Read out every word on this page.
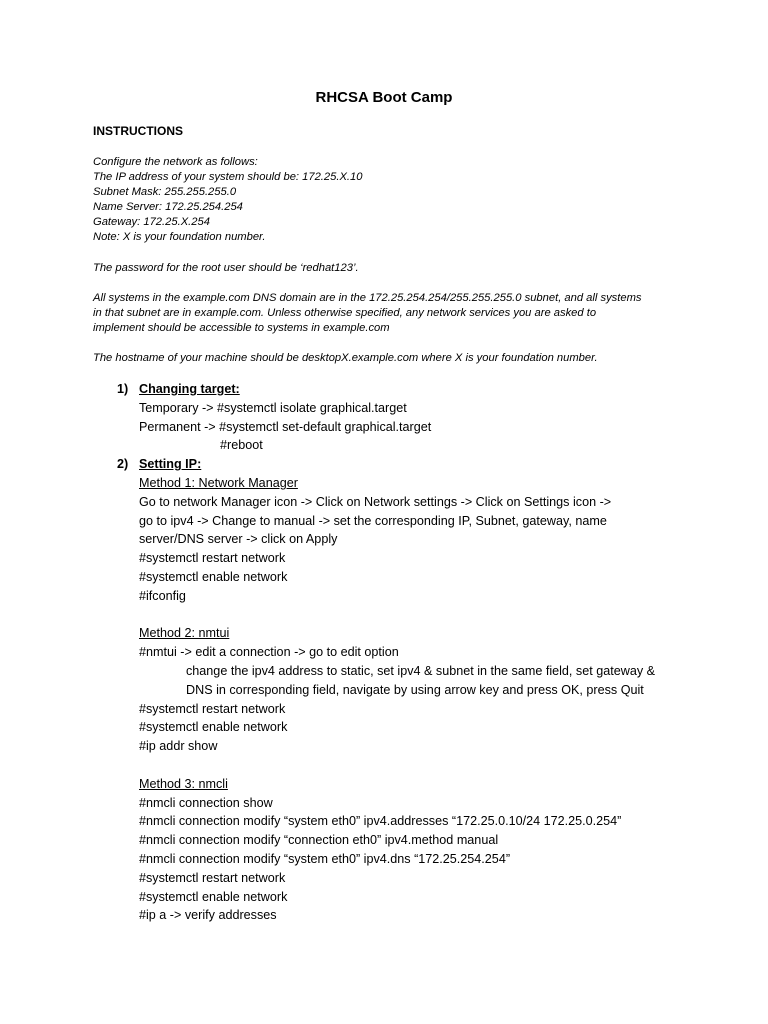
RHCSA Boot Camp
INSTRUCTIONS

Configure the network as follows:

The IP address of your system should be: 172.25.X.10

Subnet Mask: 255.255.255.0

Name Server: 172.25.254.254

Gateway: 172.25.X.254

Note: X is your foundation number.

The password for the root user should be ‘redhat123’.

All systems in the example.com DNS domain are in the 172.25.254.254/255.255.255.0 subnet, and all systems

in that subnet are in example.com. Unless otherwise specified, any network services you are asked to

implement should be accessible to systems in example.com

The hostname of your machine should be desktopX.example.com where X is your foundation number.

1) Changing target:
Temporary -> #systemctl isolate graphical.target
Permanent -> #systemctl set-default graphical.target
#reboot
2) Setting IP:
Method 1: Network Manager
Go to network Manager icon -> Click on Network settings -> Click on Settings icon ->
go to ipv4 -> Change to manual -> set the corresponding IP, Subnet, gateway, name
server/DNS server -> click on Apply
#systemctl restart network
#systemctl enable network
#ifconfig
Method 2: nmtui
#nmtui -> edit a connection -> go to edit option
change the ipv4 address to static, set ipv4 & subnet in the same field, set gateway &
DNS in corresponding field, navigate by using arrow key and press OK, press Quit
#systemctl restart network
#systemctl enable network
#ip addr show
Method 3: nmcli
#nmcli connection show
#nmcli connection modify “system eth0” ipv4.addresses “172.25.0.10/24 172.25.0.254”
#nmcli connection modify “connection eth0” ipv4.method manual
#nmcli connection modify “system eth0” ipv4.dns “172.25.254.254”
#systemctl restart network
#systemctl enable network
#ip a -> verify addresses
